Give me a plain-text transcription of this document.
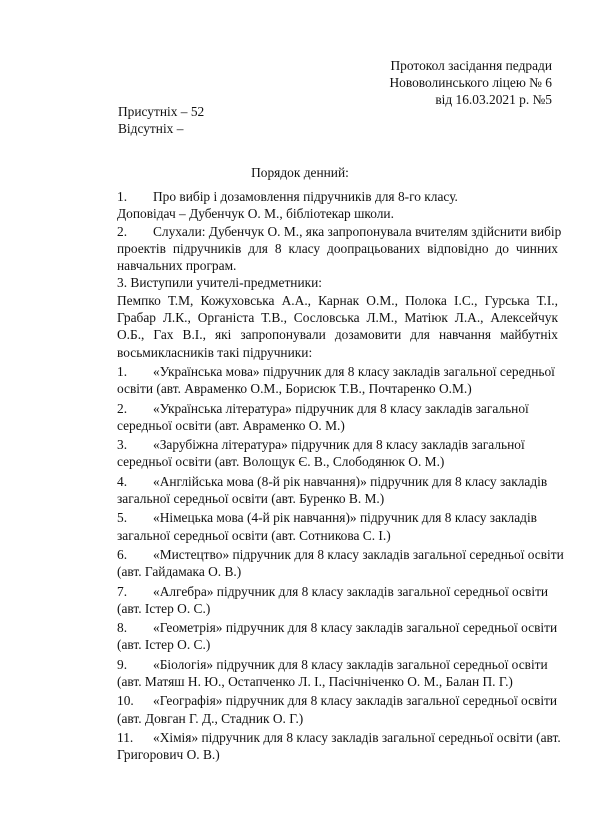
Протокол засідання педради
Нововолинського ліцею № 6
від 16.03.2021 р. №5
Присутніх – 52
Відсутніх –
Порядок денний:
1. Про вибір і дозамовлення підручників для 8-го класу.
Доповідач – Дубенчук О. М., бібліотекар школи.
2. Слухали: Дубенчук О. М., яка запропонувала вчителям здійснити вибір
проектів підручників для 8 класу доопрацьованих відповідно до чинних
навчальних програм.
3. Виступили учителі-предметники:
Пемпко Т.М, Кожуховська А.А., Карнак О.М., Полока І.С., Гурська Т.І.,
Грабар Л.К., Органіста Т.В., Сословська Л.М., Матіюк Л.А., Алексейчук
О.Б., Гах В.І., які запропонували дозамовити для навчання майбутніх
восьмикласників такі підручники:
1. «Українська мова» підручник для 8 класу закладів загальної середньої
освіти (авт. Авраменко О.М., Борисюк Т.В., Почтаренко О.М.)
2. «Українська література» підручник для 8 класу закладів загальної
середньої освіти (авт. Авраменко О. М.)
3. «Зарубіжна література» підручник для 8 класу закладів загальної
середньої освіти (авт. Волощук Є. В., Слободянюк О. М.)
4. «Англійська мова (8-й рік навчання)» підручник для 8 класу закладів
загальної середньої освіти (авт. Буренко В. М.)
5. «Німецька мова (4-й рік навчання)» підручник для 8 класу закладів
загальної середньої освіти (авт. Сотникова С. І.)
6. «Мистецтво» підручник для 8 класу закладів загальної середньої освіти
(авт. Гайдамака О. В.)
7. «Алгебра» підручник для 8 класу закладів загальної середньої освіти
(авт. Істер О. С.)
8. «Геометрія» підручник для 8 класу закладів загальної середньої освіти
(авт. Істер О. С.)
9. «Біологія» підручник для 8 класу закладів загальної середньої освіти
(авт. Матяш Н. Ю., Остапченко Л. І., Пасічніченко О. М., Балан П. Г.)
10. «Географія» підручник для 8 класу закладів загальної середньої освіти
(авт. Довган Г. Д., Стадник О. Г.)
11. «Хімія» підручник для 8 класу закладів загальної середньої освіти (авт.
Григорович О. В.)
